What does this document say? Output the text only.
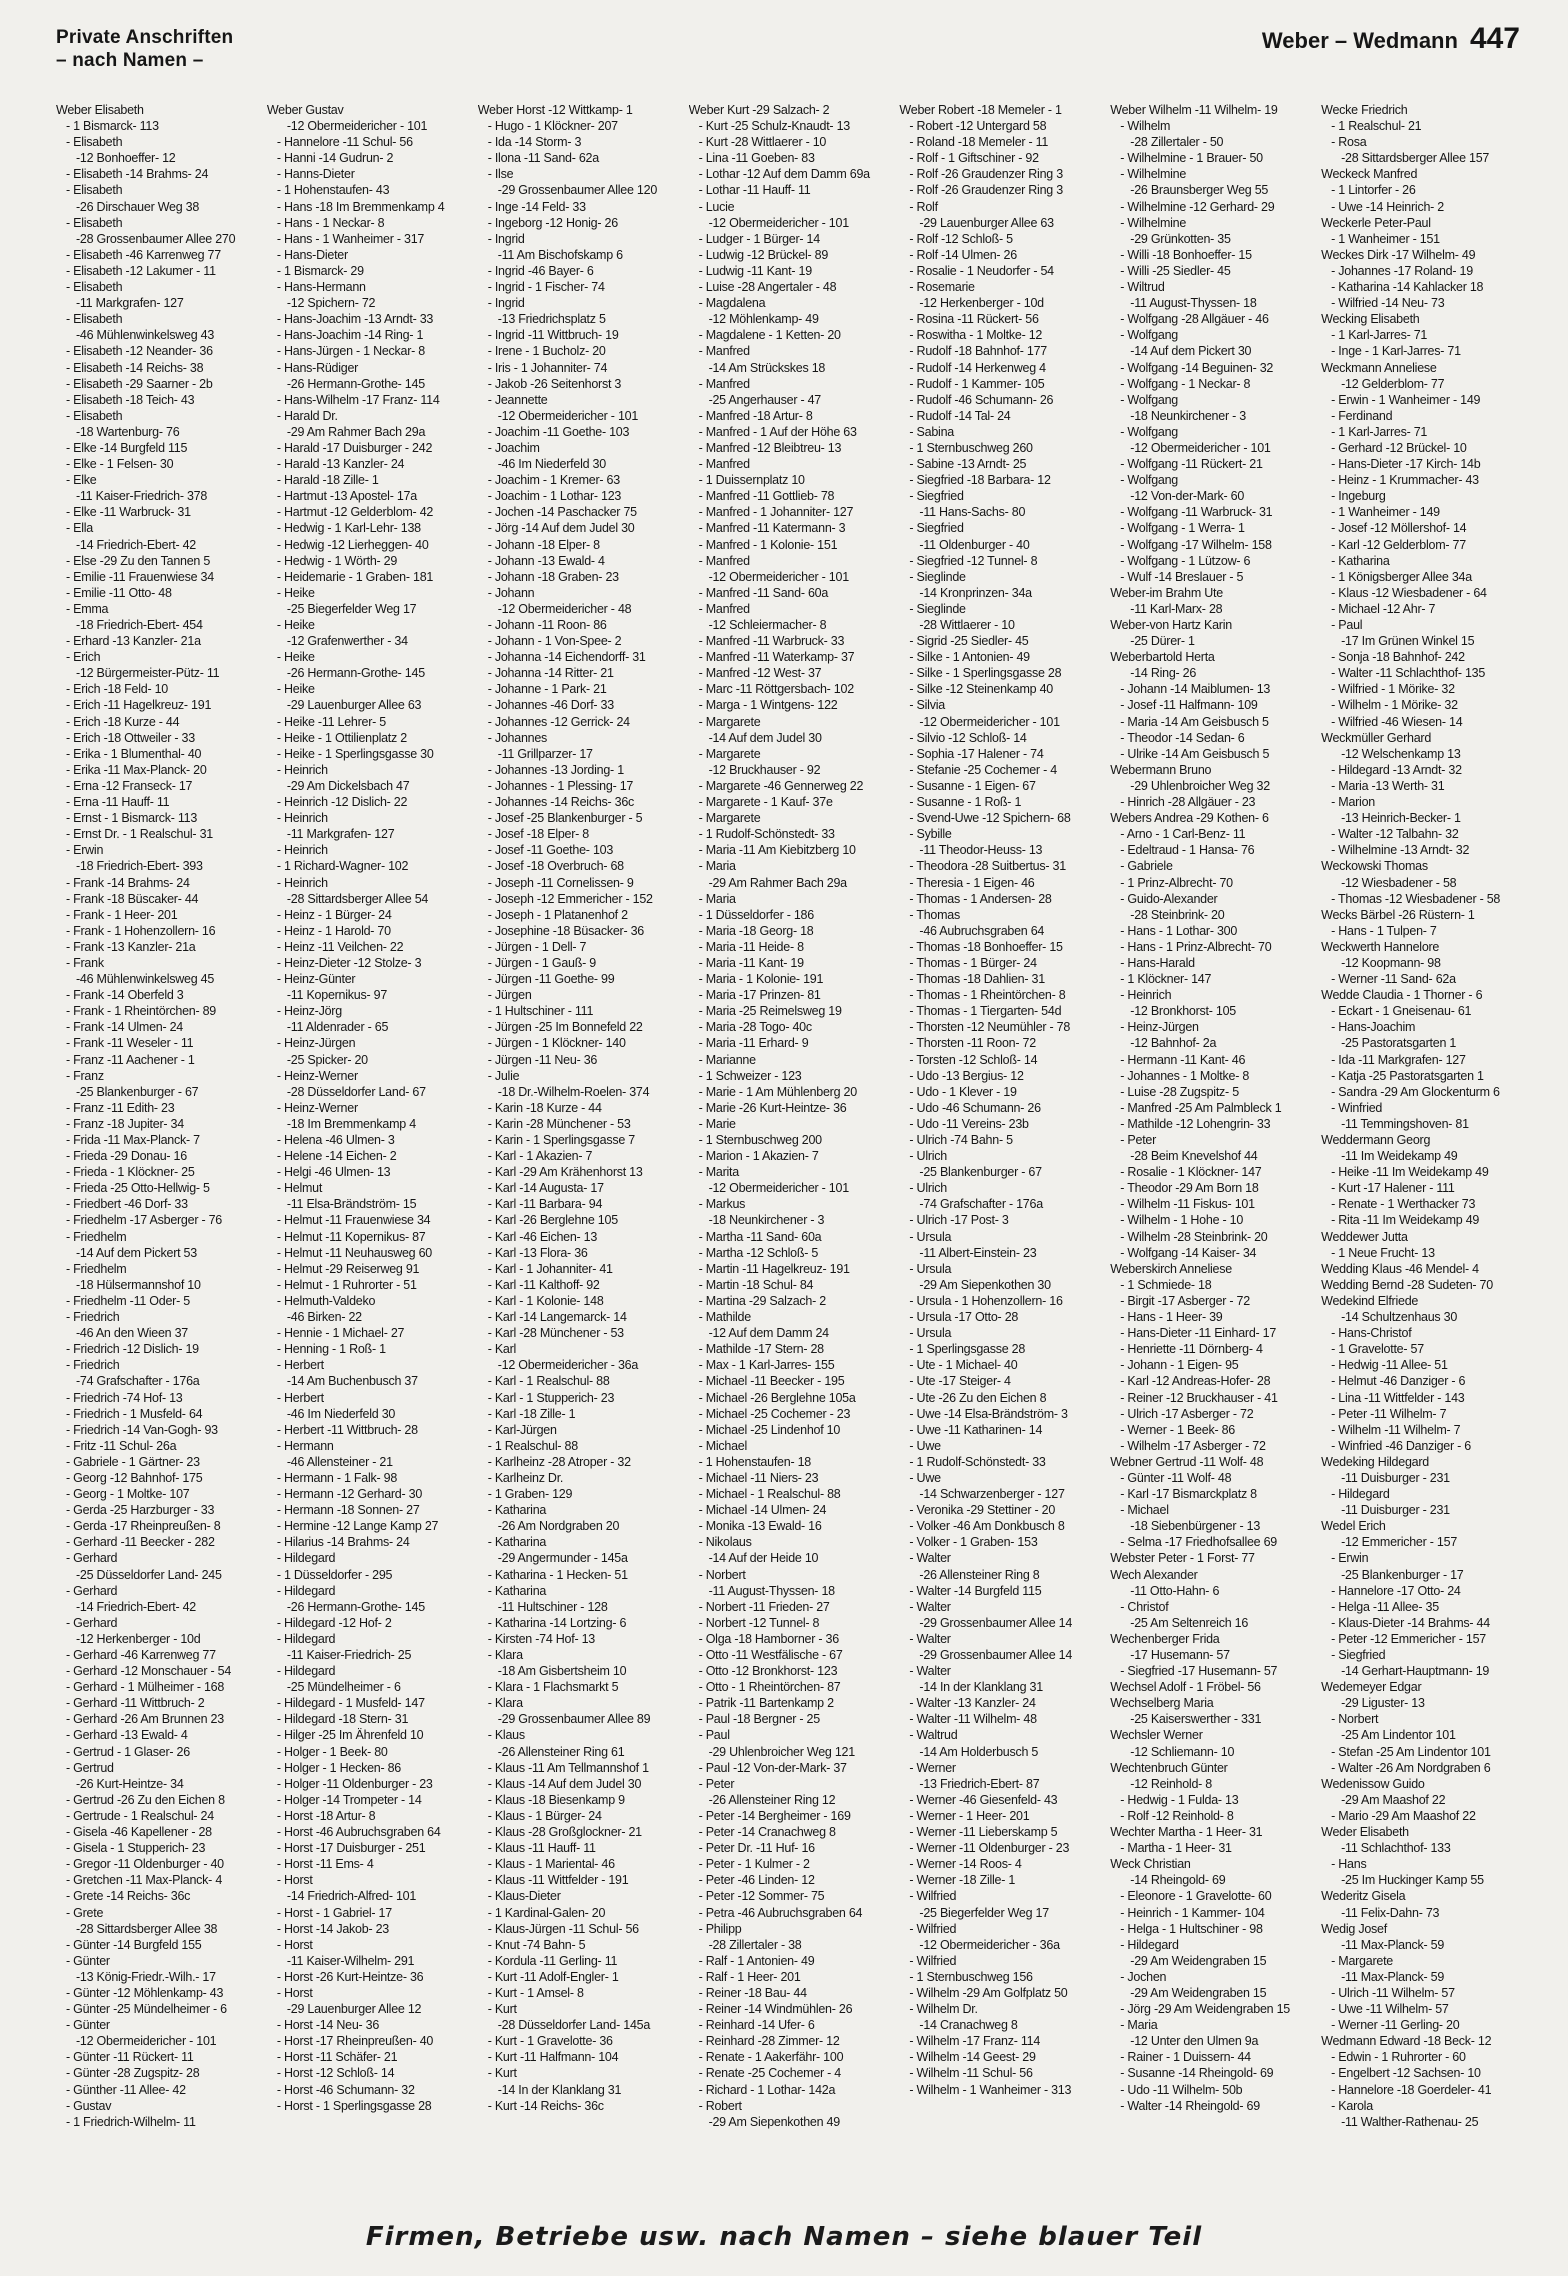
Private Anschriften
– nach Namen –
Weber – Wedmann 447
Weber Elisabeth
- 1 Bismarck- 113
- Elisabeth
-12 Bonhoeffer- 12
- Elisabeth -14 Brahms- 24
- Elisabeth
-26 Dirschauer Weg 38
- Elisabeth
-28 Grossenbaumer Allee 270
- Elisabeth -46 Karrenweg 77
- Elisabeth -12 Lakumer - 11
- Elisabeth
-11 Markgrafen- 127
- Elisabeth
-46 Mühlenwinkelsweg 43
- Elisabeth -12 Neander- 36
- Elisabeth -14 Reichs- 38
- Elisabeth -29 Saarner - 2b
- Elisabeth -18 Teich- 43
- Elisabeth
-18 Wartenburg- 76
- Elke -14 Burgfeld 115
- Elke - 1 Felsen- 30
- Elke
-11 Kaiser-Friedrich- 378
- Elke -11 Warbruck- 31
- Ella
-14 Friedrich-Ebert- 42
- Else -29 Zu den Tannen 5
- Emilie -11 Frauenwiese 34
- Emilie -11 Otto- 48
- Emma
-18 Friedrich-Ebert- 454
- Erhard -13 Kanzler- 21a
- Erich
-12 Bürgermeister-Pütz- 11
- Erich -18 Feld- 10
- Erich -11 Hagelkreuz- 191
- Erich -18 Kurze - 44
- Erich -18 Ottweiler - 33
- Erika - 1 Blumenthal- 40
- Erika -11 Max-Planck- 20
- Erna -12 Franseck- 17
- Erna -11 Hauff- 11
- Ernst - 1 Bismarck- 113
- Ernst Dr. - 1 Realschul- 31
- Erwin
-18 Friedrich-Ebert- 393
- Frank -14 Brahms- 24
- Frank -18 Büscaker- 44
- Frank - 1 Heer- 201
- Frank - 1 Hohenzollern- 16
- Frank -13 Kanzler- 21a
- Frank
-46 Mühlenwinkelsweg 45
- Frank -14 Oberfeld 3
- Frank - 1 Rheintörchen- 89
- Frank -14 Ulmen- 24
- Frank -11 Weseler - 11
- Franz -11 Aachener - 1
- Franz
-25 Blankenburger - 67
- Franz -11 Edith- 23
- Franz -18 Jupiter- 34
- Frida -11 Max-Planck- 7
- Frieda -29 Donau- 16
- Frieda - 1 Klöckner- 25
- Frieda -25 Otto-Hellwig- 5
- Friedbert -46 Dorf- 33
- Friedhelm -17 Asberger - 76
- Friedhelm
-14 Auf dem Pickert 53
- Friedhelm
-18 Hülsermannshof 10
- Friedhelm -11 Oder- 5
- Friedrich
-46 An den Wieen 37
- Friedrich -12 Dislich- 19
- Friedrich
-74 Grafschafter - 176a
- Friedrich -74 Hof- 13
- Friedrich - 1 Musfeld- 64
- Friedrich -14 Van-Gogh- 93
- Fritz -11 Schul- 26a
- Gabriele - 1 Gärtner- 23
- Georg -12 Bahnhof- 175
- Georg - 1 Moltke- 107
- Gerda -25 Harzburger - 33
- Gerda -17 Rheinpreußen- 8
- Gerhard -11 Beecker - 282
- Gerhard
-25 Düsseldorfer Land- 245
- Gerhard
-14 Friedrich-Ebert- 42
- Gerhard
-12 Herkenberger - 10d
- Gerhard -46 Karrenweg 77
- Gerhard -12 Monschauer - 54
- Gerhard - 1 Mülheimer - 168
- Gerhard -11 Wittbruch- 2
- Gerhard -26 Am Brunnen 23
- Gerhard -13 Ewald- 4
- Gertrud - 1 Glaser- 26
- Gertrud
-26 Kurt-Heintze- 34
- Gertrud -26 Zu den Eichen 8
- Gertrude - 1 Realschul- 24
- Gisela -46 Kapellener - 28
- Gisela - 1 Stupperich- 23
- Gregor -11 Oldenburger - 40
- Gretchen -11 Max-Planck- 4
- Grete -14 Reichs- 36c
- Grete
-28 Sittardsberger Allee 38
- Günter -14 Burgfeld 155
- Günter
-13 König-Friedr.-Wilh.- 17
- Günter -12 Möhlenkamp- 43
- Günter -25 Mündelheimer - 6
- Günter
-12 Obermeidericher - 101
- Günter -11 Rückert- 11
- Günter -28 Zugspitz- 28
- Günther -11 Allee- 42
- Gustav
- 1 Friedrich-Wilhelm- 11
Weber Gustav
-12 Obermeidericher - 101
- Hannelore -11 Schul- 56
- Hanni -14 Gudrun- 2
- Hanns-Dieter
- 1 Hohenstaufen- 43
- Hans -18 Im Bremmenkamp 4
- Hans - 1 Neckar- 8
- Hans - 1 Wanheimer - 317
- Hans-Dieter
- 1 Bismarck- 29
- Hans-Hermann
-12 Spichern- 72
- Hans-Joachim -13 Arndt- 33
- Hans-Joachim -14 Ring- 1
- Hans-Jürgen - 1 Neckar- 8
- Hans-Rüdiger
-26 Hermann-Grothe- 145
- Hans-Wilhelm -17 Franz- 114
- Harald Dr.
-29 Am Rahmer Bach 29a
- Harald -17 Duisburger - 242
- Harald -13 Kanzler- 24
- Harald -18 Zille- 1
- Hartmut -13 Apostel- 17a
- Hartmut -12 Gelderblom- 42
- Hedwig - 1 Karl-Lehr- 138
- Hedwig -12 Lierheggen- 40
- Hedwig - 1 Wörth- 29
- Heidemarie - 1 Graben- 181
- Heike
-25 Biegerfelder Weg 17
- Heike
-12 Grafenwerther - 34
- Heike
-26 Hermann-Grothe- 145
- Heike
-29 Lauenburger Allee 63
- Heike -11 Lehrer- 5
- Heike - 1 Ottilienplatz 2
- Heike - 1 Sperlingsgasse 30
- Heinrich
-29 Am Dickelsbach 47
- Heinrich -12 Dislich- 22
- Heinrich
-11 Markgrafen- 127
- Heinrich
- 1 Richard-Wagner- 102
- Heinrich
-28 Sittardsberger Allee 54
- Heinz - 1 Bürger- 24
- Heinz - 1 Harold- 70
- Heinz -11 Veilchen- 22
- Heinz-Dieter -12 Stolze- 3
- Heinz-Günter
-11 Kopernikus- 97
- Heinz-Jörg
-11 Aldenrader - 65
- Heinz-Jürgen
-25 Spicker- 20
- Heinz-Werner
-28 Düsseldorfer Land- 67
- Heinz-Werner
-18 Im Bremmenkamp 4
- Helena -46 Ulmen- 3
- Helene -14 Eichen- 2
- Helgi -46 Ulmen- 13
- Helmut
-11 Elsa-Brändström- 15
- Helmut -11 Frauenwiese 34
- Helmut -11 Kopernikus- 87
- Helmut -11 Neuhausweg 60
- Helmut -29 Reiserweg 91
- Helmut - 1 Ruhrorter - 51
- Helmuth-Valdeko
-46 Birken- 22
- Hennie - 1 Michael- 27
- Henning - 1 Roß- 1
- Herbert
-14 Am Buchenbusch 37
- Herbert
-46 Im Niederfeld 30
- Herbert -11 Wittbruch- 28
- Hermann
-46 Allensteiner - 21
- Hermann - 1 Falk- 98
- Hermann -12 Gerhard- 30
- Hermann -18 Sonnen- 27
- Hermine -12 Lange Kamp 27
- Hilarius -14 Brahms- 24
- Hildegard
- 1 Düsseldorfer - 295
- Hildegard
-26 Hermann-Grothe- 145
- Hildegard -12 Hof- 2
- Hildegard
-11 Kaiser-Friedrich- 25
- Hildegard
-25 Mündelheimer - 6
- Hildegard - 1 Musfeld- 147
- Hildegard -18 Stern- 31
- Hilger -25 Im Ährenfeld 10
- Holger - 1 Beek- 80
- Holger - 1 Hecken- 86
- Holger -11 Oldenburger - 23
- Holger -14 Trompeter - 14
- Horst -18 Artur- 8
- Horst -46 Aubruchsgraben 64
- Horst -17 Duisburger - 251
- Horst -11 Ems- 4
- Horst
-14 Friedrich-Alfred- 101
- Horst - 1 Gabriel- 17
- Horst -14 Jakob- 23
- Horst
-11 Kaiser-Wilhelm- 291
- Horst -26 Kurt-Heintze- 36
- Horst
-29 Lauenburger Allee 12
- Horst -14 Neu- 36
- Horst -17 Rheinpreußen- 40
- Horst -11 Schäfer- 21
- Horst -12 Schloß- 14
- Horst -46 Schumann- 32
- Horst - 1 Sperlingsgasse 28
Weber Horst -12 Wittkamp- 1
- Hugo - 1 Klöckner- 207
- Ida -14 Storm- 3
- Ilona -11 Sand- 62a
- Ilse
-29 Grossenbaumer Allee 120
- Inge -14 Feld- 33
- Ingeborg -12 Honig- 26
- Ingrid
-11 Am Bischofskamp 6
- Ingrid -46 Bayer- 6
- Ingrid - 1 Fischer- 74
- Ingrid
-13 Friedrichsplatz 5
- Ingrid -11 Wittbruch- 19
- Irene - 1 Bucholz- 20
- Iris - 1 Johanniter- 74
- Jakob -26 Seitenhorst 3
- Jeannette
-12 Obermeidericher - 101
- Joachim -11 Goethe- 103
- Joachim
-46 Im Niederfeld 30
- Joachim - 1 Kremer- 63
- Joachim - 1 Lothar- 123
- Jochen -14 Paschacker 75
- Jörg -14 Auf dem Judel 30
- Johann -18 Elper- 8
- Johann -13 Ewald- 4
- Johann -18 Graben- 23
- Johann
-12 Obermeidericher - 48
- Johann -11 Roon- 86
- Johann - 1 Von-Spee- 2
- Johanna -14 Eichendorff- 31
- Johanna -14 Ritter- 21
- Johanne - 1 Park- 21
- Johannes -46 Dorf- 33
- Johannes -12 Gerrick- 24
- Johannes
-11 Grillparzer- 17
- Johannes -13 Jording- 1
- Johannes - 1 Plessing- 17
- Johannes -14 Reichs- 36c
- Josef -25 Blankenburger - 5
- Josef -18 Elper- 8
- Josef -11 Goethe- 103
- Josef -18 Overbruch- 68
- Joseph -11 Cornelissen- 9
- Joseph -12 Emmericher - 152
- Joseph - 1 Platanenhof 2
- Josephine -18 Büsacker- 36
- Jürgen - 1 Dell- 7
- Jürgen - 1 Gauß- 9
- Jürgen -11 Goethe- 99
- Jürgen
- 1 Hultschiner - 111
- Jürgen -25 Im Bonnefeld 22
- Jürgen - 1 Klöckner- 140
- Jürgen -11 Neu- 36
- Julie
-18 Dr.-Wilhelm-Roelen- 374
- Karin -18 Kurze - 44
- Karin -28 Münchener - 53
- Karin - 1 Sperlingsgasse 7
- Karl - 1 Akazien- 7
- Karl -29 Am Krähenhorst 13
- Karl -14 Augusta- 17
- Karl -11 Barbara- 94
- Karl -26 Berglehne 105
- Karl -46 Eichen- 13
- Karl -13 Flora- 36
- Karl - 1 Johanniter- 41
- Karl -11 Kalthoff- 92
- Karl - 1 Kolonie- 148
- Karl -14 Langemarck- 14
- Karl -28 Münchener - 53
- Karl
-12 Obermeidericher - 36a
- Karl - 1 Realschul- 88
- Karl - 1 Stupperich- 23
- Karl -18 Zille- 1
- Karl-Jürgen
- 1 Realschul- 88
- Karlheinz -28 Atroper - 32
- Karlheinz Dr.
- 1 Graben- 129
- Katharina
-26 Am Nordgraben 20
- Katharina
-29 Angermunder - 145a
- Katharina - 1 Hecken- 51
- Katharina
-11 Hultschiner - 128
- Katharina -14 Lortzing- 6
- Kirsten -74 Hof- 13
- Klara
-18 Am Gisbertsheim 10
- Klara - 1 Flachsmarkt 5
- Klara
-29 Grossenbaumer Allee 89
- Klaus
-26 Allensteiner Ring 61
- Klaus -11 Am Tellmannshof 1
- Klaus -14 Auf dem Judel 30
- Klaus -18 Biesenkamp 9
- Klaus - 1 Bürger- 24
- Klaus -28 Großglockner- 21
- Klaus -11 Hauff- 11
- Klaus - 1 Mariental- 46
- Klaus -11 Wittfelder - 191
- Klaus-Dieter
- 1 Kardinal-Galen- 20
- Klaus-Jürgen -11 Schul- 56
- Knut -74 Bahn- 5
- Kordula -11 Gerling- 11
- Kurt -11 Adolf-Engler- 1
- Kurt - 1 Amsel- 8
- Kurt
-28 Düsseldorfer Land- 145a
- Kurt - 1 Gravelotte- 36
- Kurt -11 Halfmann- 104
- Kurt
-14 In der Klanklang 31
- Kurt -14 Reichs- 36c
Weber Kurt -29 Salzach- 2
- Kurt -25 Schulz-Knaudt- 13
- Kurt -28 Wittlaerer - 10
- Lina -11 Goeben- 83
- Lothar -12 Auf dem Damm 69a
- Lothar -11 Hauff- 11
- Lucie
-12 Obermeidericher - 101
- Ludger - 1 Bürger- 14
- Ludwig -12 Brückel- 89
- Ludwig -11 Kant- 19
- Luise -28 Angertaler - 48
- Magdalena
-12 Möhlenkamp- 49
- Magdalene - 1 Ketten- 20
- Manfred
-14 Am Strückskes 18
- Manfred
-25 Angerhauser - 47
- Manfred -18 Artur- 8
- Manfred - 1 Auf der Höhe 63
- Manfred -12 Bleibtreu- 13
- Manfred
- 1 Duissernplatz 10
- Manfred -11 Gottlieb- 78
- Manfred - 1 Johanniter- 127
- Manfred -11 Katermann- 3
- Manfred - 1 Kolonie- 151
- Manfred
-12 Obermeidericher - 101
- Manfred -11 Sand- 60a
- Manfred
-12 Schleiermacher- 8
- Manfred -11 Warbruck- 33
- Manfred -11 Waterkamp- 37
- Manfred -12 West- 37
- Marc -11 Röttgersbach- 102
- Marga - 1 Wintgens- 122
- Margarete
-14 Auf dem Judel 30
- Margarete
-12 Bruckhauser - 92
- Margarete -46 Gennerweg 22
- Margarete - 1 Kauf- 37e
- Margarete
- 1 Rudolf-Schönstedt- 33
- Maria -11 Am Kiebitzberg 10
- Maria
-29 Am Rahmer Bach 29a
- Maria
- 1 Düsseldorfer - 186
- Maria -18 Georg- 18
- Maria -11 Heide- 8
- Maria -11 Kant- 19
- Maria - 1 Kolonie- 191
- Maria -17 Prinzen- 81
- Maria -25 Reimelsweg 19
- Maria -28 Togo- 40c
- Maria -11 Erhard- 9
- Marianne
- 1 Schweizer - 123
- Marie - 1 Am Mühlenberg 20
- Marie -26 Kurt-Heintze- 36
- Marie
- 1 Sternbuschweg 200
- Marion - 1 Akazien- 7
- Marita
-12 Obermeidericher - 101
- Markus
-18 Neunkirchener - 3
- Martha -11 Sand- 60a
- Martha -12 Schloß- 5
- Martin -11 Hagelkreuz- 191
- Martin -18 Schul- 84
- Martina -29 Salzach- 2
- Mathilde
-12 Auf dem Damm 24
- Mathilde -17 Stern- 28
- Max - 1 Karl-Jarres- 155
- Michael -11 Beecker - 195
- Michael -26 Berglehne 105a
- Michael -25 Cochemer - 23
- Michael -25 Lindenhof 10
- Michael
- 1 Hohenstaufen- 18
- Michael -11 Niers- 23
- Michael - 1 Realschul- 88
- Michael -14 Ulmen- 24
- Monika -13 Ewald- 16
- Nikolaus
-14 Auf der Heide 10
- Norbert
-11 August-Thyssen- 18
- Norbert -11 Frieden- 27
- Norbert -12 Tunnel- 8
- Olga -18 Hamborner - 36
- Otto -11 Westfälische - 67
- Otto -12 Bronkhorst- 123
- Otto - 1 Rheintörchen- 87
- Patrik -11 Bartenkamp 2
- Paul -18 Bergner - 25
- Paul
-29 Uhlenbroicher Weg 121
- Paul -12 Von-der-Mark- 37
- Peter
-26 Allensteiner Ring 12
- Peter -14 Bergheimer - 169
- Peter -14 Cranachweg 8
- Peter Dr. -11 Huf- 16
- Peter - 1 Kulmer - 2
- Peter -46 Linden- 12
- Peter -12 Sommer- 75
- Petra -46 Aubruchsgraben 64
- Philipp
-28 Zillertaler - 38
- Ralf - 1 Antonien- 49
- Ralf - 1 Heer- 201
- Reiner -18 Bau- 44
- Reiner -14 Windmühlen- 26
- Reinhard -14 Ufer- 6
- Reinhard -28 Zimmer- 12
- Renate - 1 Aakerfähr- 100
- Renate -25 Cochemer - 4
- Richard - 1 Lothar- 142a
- Robert
-29 Am Siepenkothen 49
Weber Robert -18 Memeler - 1
- Robert -12 Untergard 58
- Roland -18 Memeler - 11
- Rolf - 1 Giftschiner - 92
- Rolf -26 Graudenzer Ring 3
- Rolf -26 Graudenzer Ring 3
- Rolf
-29 Lauenburger Allee 63
- Rolf -12 Schloß- 5
- Rolf -14 Ulmen- 26
- Rosalie - 1 Neudorfer - 54
- Rosemarie
-12 Herkenberger - 10d
- Rosina -11 Rückert- 56
- Roswitha - 1 Moltke- 12
- Rudolf -18 Bahnhof- 177
- Rudolf -14 Herkenweg 4
- Rudolf - 1 Kammer- 105
- Rudolf -46 Schumann- 26
- Rudolf -14 Tal- 24
- Sabina
- 1 Sternbuschweg 260
- Sabine -13 Arndt- 25
- Siegfried -18 Barbara- 12
- Siegfried
-11 Hans-Sachs- 80
- Siegfried
-11 Oldenburger - 40
- Siegfried -12 Tunnel- 8
- Sieglinde
-14 Kronprinzen- 34a
- Sieglinde
-28 Wittlaerer - 10
- Sigrid -25 Siedler- 45
- Silke - 1 Antonien- 49
- Silke - 1 Sperlingsgasse 28
- Silke -12 Steinenkamp 40
- Silvia
-12 Obermeidericher - 101
- Silvio -12 Schloß- 14
- Sophia -17 Halener - 74
- Stefanie -25 Cochemer - 4
- Susanne - 1 Eigen- 67
- Susanne - 1 Roß- 1
- Svend-Uwe -12 Spichern- 68
- Sybille
-11 Theodor-Heuss- 13
- Theodora -28 Suitbertus- 31
- Theresia - 1 Eigen- 46
- Thomas - 1 Andersen- 28
- Thomas
-46 Aubruchsgraben 64
- Thomas -18 Bonhoeffer- 15
- Thomas - 1 Bürger- 24
- Thomas -18 Dahlien- 31
- Thomas - 1 Rheintörchen- 8
- Thomas - 1 Tiergarten- 54d
- Thorsten -12 Neumühler - 78
- Thorsten -11 Roon- 72
- Torsten -12 Schloß- 14
- Udo -13 Bergius- 12
- Udo - 1 Klever - 19
- Udo -46 Schumann- 26
- Udo -11 Vereins- 23b
- Ulrich -74 Bahn- 5
- Ulrich
-25 Blankenburger - 67
- Ulrich
-74 Grafschafter - 176a
- Ulrich -17 Post- 3
- Ursula
-11 Albert-Einstein- 23
- Ursula
-29 Am Siepenkothen 30
- Ursula - 1 Hohenzollern- 16
- Ursula -17 Otto- 28
- Ursula
- 1 Sperlingsgasse 28
- Ute - 1 Michael- 40
- Ute -17 Steiger- 4
- Ute -26 Zu den Eichen 8
- Uwe -14 Elsa-Brändström- 3
- Uwe -11 Katharinen- 14
- Uwe
- 1 Rudolf-Schönstedt- 33
- Uwe
-14 Schwarzenberger - 127
- Veronika -29 Stettiner - 20
- Volker -46 Am Donkbusch 8
- Volker - 1 Graben- 153
- Walter
-26 Allensteiner Ring 8
- Walter -14 Burgfeld 115
- Walter
-29 Grossenbaumer Allee 14
- Walter
-29 Grossenbaumer Allee 14
- Walter
-14 In der Klanklang 31
- Walter -13 Kanzler- 24
- Walter -11 Wilhelm- 48
- Waltrud
-14 Am Holderbusch 5
- Werner
-13 Friedrich-Ebert- 87
- Werner -46 Giesenfeld- 43
- Werner - 1 Heer- 201
- Werner -11 Lieberskamp 5
- Werner -11 Oldenburger - 23
- Werner -14 Roos- 4
- Werner -18 Zille- 1
- Wilfried
-25 Biegerfelder Weg 17
- Wilfried
-12 Obermeidericher - 36a
- Wilfried
- 1 Sternbuschweg 156
- Wilhelm -29 Am Golfplatz 50
- Wilhelm Dr.
-14 Cranachweg 8
- Wilhelm -17 Franz- 114
- Wilhelm -14 Geest- 29
- Wilhelm -11 Schul- 56
- Wilhelm - 1 Wanheimer - 313
Weber Wilhelm -11 Wilhelm- 19
- Wilhelm
-28 Zillertaler - 50
- Wilhelmine - 1 Brauer- 50
- Wilhelmine
-26 Braunsberger Weg 55
- Wilhelmine -12 Gerhard- 29
- Wilhelmine
-29 Grünkotten- 35
- Willi -18 Bonhoeffer- 15
- Willi -25 Siedler- 45
- Wiltrud
-11 August-Thyssen- 18
- Wolfgang -28 Allgäuer - 46
- Wolfgang
-14 Auf dem Pickert 30
- Wolfgang -14 Beguinen- 32
- Wolfgang - 1 Neckar- 8
- Wolfgang
-18 Neunkirchener - 3
- Wolfgang
-12 Obermeidericher - 101
- Wolfgang -11 Rückert- 21
- Wolfgang
-12 Von-der-Mark- 60
- Wolfgang -11 Warbruck- 31
- Wolfgang - 1 Werra- 1
- Wolfgang -17 Wilhelm- 158
- Wolfgang - 1 Lützow- 6
- Wulf -14 Breslauer - 5
Weber-im Brahm Ute
-11 Karl-Marx- 28
Weber-von Hartz Karin
-25 Dürer- 1
Weberbartold Herta
-14 Ring- 26
- Johann -14 Maiblumen- 13
- Josef -11 Halfmann- 109
- Maria -14 Am Geisbusch 5
- Theodor -14 Sedan- 6
- Ulrike -14 Am Geisbusch 5
Webermann Bruno
-29 Uhlenbroicher Weg 32
- Hinrich -28 Allgäuer - 23
Webers Andrea -29 Kothen- 6
- Arno - 1 Carl-Benz- 11
- Edeltraud - 1 Hansa- 76
- Gabriele
- 1 Prinz-Albrecht- 70
- Guido-Alexander
-28 Steinbrink- 20
- Hans - 1 Lothar- 300
- Hans - 1 Prinz-Albrecht- 70
- Hans-Harald
- 1 Klöckner- 147
- Heinrich
-12 Bronkhorst- 105
- Heinz-Jürgen
-12 Bahnhof- 2a
- Hermann -11 Kant- 46
- Johannes - 1 Moltke- 8
- Luise -28 Zugspitz- 5
- Manfred -25 Am Palmbleck 1
- Mathilde -12 Lohengrin- 33
- Peter
-28 Beim Knevelshof 44
- Rosalie - 1 Klöckner- 147
- Theodor -29 Am Born 18
- Wilhelm -11 Fiskus- 101
- Wilhelm - 1 Hohe - 10
- Wilhelm -28 Steinbrink- 20
- Wolfgang -14 Kaiser- 34
Weberskirch Anneliese
- 1 Schmiede- 18
- Birgit -17 Asberger - 72
- Hans - 1 Heer- 39
- Hans-Dieter -11 Einhard- 17
- Henriette -11 Dörnberg- 4
- Johann - 1 Eigen- 95
- Karl -12 Andreas-Hofer- 28
- Reiner -12 Bruckhauser - 41
- Ulrich -17 Asberger - 72
- Werner - 1 Beek- 86
- Wilhelm -17 Asberger - 72
Webner Gertrud -11 Wolf- 48
- Günter -11 Wolf- 48
- Karl -17 Bismarckplatz 8
- Michael
-18 Siebenbürgener - 13
- Selma -17 Friedhofsallee 69
Webster Peter - 1 Forst- 77
Wech Alexander
-11 Otto-Hahn- 6
- Christof
-25 Am Seltenreich 16
Wechenberger Frida
-17 Husemann- 57
- Siegfried -17 Husemann- 57
Wechsel Adolf - 1 Fröbel- 56
Wechselberg Maria
-25 Kaiserswerther - 331
Wechsler Werner
-12 Schliemann- 10
Wechtenbruch Günter
-12 Reinhold- 8
- Hedwig - 1 Fulda- 13
- Rolf -12 Reinhold- 8
Wechter Martha - 1 Heer- 31
- Martha - 1 Heer- 31
Weck Christian
-14 Rheingold- 69
- Eleonore - 1 Gravelotte- 60
- Heinrich - 1 Kammer- 104
- Helga - 1 Hultschiner - 98
- Hildegard
-29 Am Weidengraben 15
- Jochen
-29 Am Weidengraben 15
- Jörg -29 Am Weidengraben 15
- Maria
-12 Unter den Ulmen 9a
- Rainer - 1 Duissern- 44
- Susanne -14 Rheingold- 69
- Udo -11 Wilhelm- 50b
- Walter -14 Rheingold- 69
Wecke Friedrich
- 1 Realschul- 21
- Rosa
-28 Sittardsberger Allee 157
Weckeck Manfred
- 1 Lintorfer - 26
- Uwe -14 Heinrich- 2
Weckerle Peter-Paul
- 1 Wanheimer - 151
Weckes Dirk -17 Wilhelm- 49
- Johannes -17 Roland- 19
- Katharina -14 Kahlacker 18
- Wilfried -14 Neu- 73
Wecking Elisabeth
- 1 Karl-Jarres- 71
- Inge - 1 Karl-Jarres- 71
Weckmann Anneliese
-12 Gelderblom- 77
- Erwin - 1 Wanheimer - 149
- Ferdinand
- 1 Karl-Jarres- 71
- Gerhard -12 Brückel- 10
- Hans-Dieter -17 Kirch- 14b
- Heinz - 1 Krummacher- 43
- Ingeburg
- 1 Wanheimer - 149
- Josef -12 Möllershof- 14
- Karl -12 Gelderblom- 77
- Katharina
- 1 Königsberger Allee 34a
- Klaus -12 Wiesbadener - 64
- Michael -12 Ahr- 7
- Paul
-17 Im Grünen Winkel 15
- Sonja -18 Bahnhof- 242
- Walter -11 Schlachthof- 135
- Wilfried - 1 Mörike- 32
- Wilhelm - 1 Mörike- 32
- Wilfried -46 Wiesen- 14
Weckmüller Gerhard
-12 Welschenkamp 13
- Hildegard -13 Arndt- 32
- Maria -13 Werth- 31
- Marion
-13 Heinrich-Becker- 1
- Walter -12 Talbahn- 32
- Wilhelmine -13 Arndt- 32
Weckowski Thomas
-12 Wiesbadener - 58
- Thomas -12 Wiesbadener - 58
Wecks Bärbel -26 Rüstern- 1
- Hans - 1 Tulpen- 7
Weckwerth Hannelore
-12 Koopmann- 98
- Werner -11 Sand- 62a
Wedde Claudia - 1 Thorner - 6
- Eckart - 1 Gneisenau- 61
- Hans-Joachim
-25 Pastoratsgarten 1
- Ida -11 Markgrafen- 127
- Katja -25 Pastoratsgarten 1
- Sandra -29 Am Glockenturm 6
- Winfried
-11 Temmingshoven- 81
Weddermann Georg
-11 Im Weidekamp 49
- Heike -11 Im Weidekamp 49
- Kurt -17 Halener - 111
- Renate - 1 Werthacker 73
- Rita -11 Im Weidekamp 49
Weddewer Jutta
- 1 Neue Frucht- 13
Wedding Klaus -46 Mendel- 4
Wedding Bernd -28 Sudeten- 70
Wedekind Elfriede
-14 Schultzenhaus 30
- Hans-Christof
- 1 Gravelotte- 57
- Hedwig -11 Allee- 51
- Helmut -46 Danziger - 6
- Lina -11 Wittfelder - 143
- Peter -11 Wilhelm- 7
- Wilhelm -11 Wilhelm- 7
- Winfried -46 Danziger - 6
Wedeking Hildegard
-11 Duisburger - 231
- Hildegard
-11 Duisburger - 231
Wedel Erich
-12 Emmericher - 157
- Erwin
-25 Blankenburger - 17
- Hannelore -17 Otto- 24
- Helga -11 Allee- 35
- Klaus-Dieter -14 Brahms- 44
- Peter -12 Emmericher - 157
- Siegfried
-14 Gerhart-Hauptmann- 19
Wedemeyer Edgar
-29 Liguster- 13
- Norbert
-25 Am Lindentor 101
- Stefan -25 Am Lindentor 101
- Walter -26 Am Nordgraben 6
Wedenissow Guido
-29 Am Maashof 22
- Mario -29 Am Maashof 22
Weder Elisabeth
-11 Schlachthof- 133
- Hans
-25 Im Huckinger Kamp 55
Wederitz Gisela
-11 Felix-Dahn- 73
Wedig Josef
-11 Max-Planck- 59
- Margarete
-11 Max-Planck- 59
- Ulrich -11 Wilhelm- 57
- Uwe -11 Wilhelm- 57
- Werner -11 Gerling- 20
Wedmann Edward -18 Beck- 12
- Edwin - 1 Ruhrorter - 60
- Engelbert -12 Sachsen- 10
- Hannelore -18 Goerdeler- 41
- Karola
-11 Walther-Rathenau- 25
Firmen, Betriebe usw. nach Namen – siehe blauer Teil
